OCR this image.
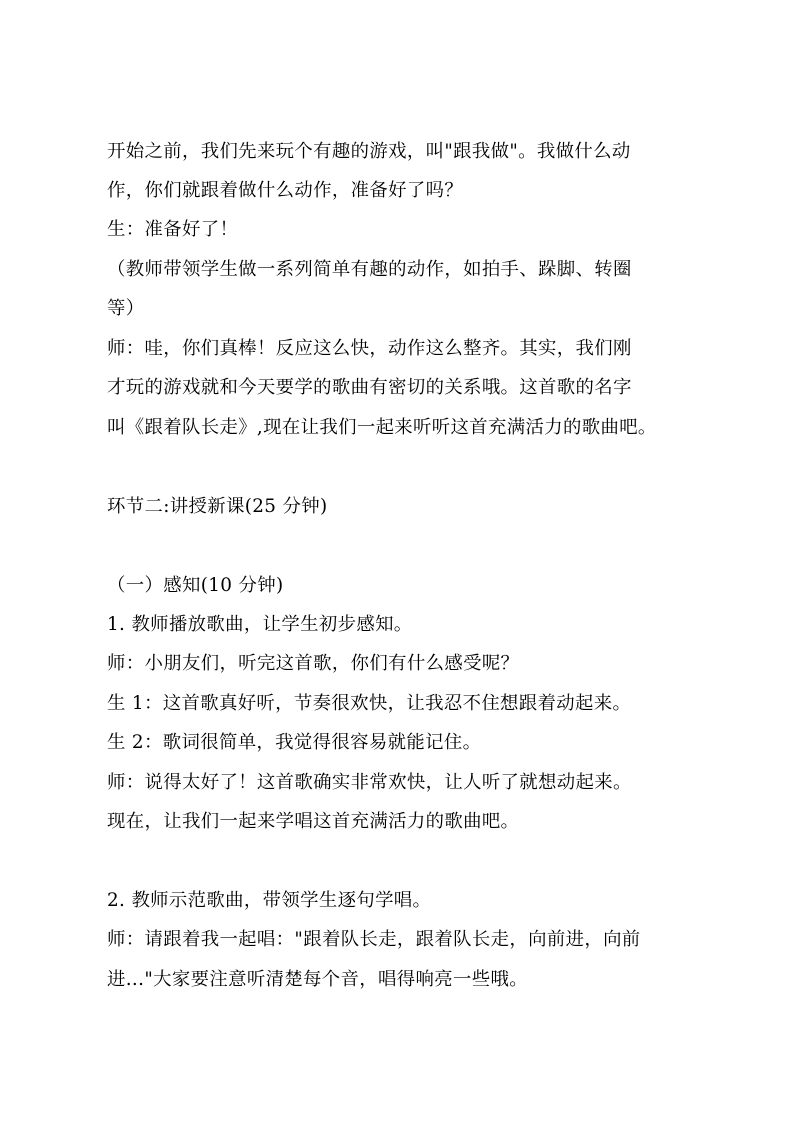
开始之前，我们先来玩个有趣的游戏，叫"跟我做"。我做什么动
作，你们就跟着做什么动作，准备好了吗？
生：准备好了！
（教师带领学生做一系列简单有趣的动作，如拍手、跺脚、转圈
等）
师：哇，你们真棒！反应这么快，动作这么整齐。其实，我们刚
才玩的游戏就和今天要学的歌曲有密切的关系哦。这首歌的名字
叫《跟着队长走》,现在让我们一起来听听这首充满活力的歌曲吧。
环节二:讲授新课(25 分钟)
（一）感知(10 分钟)
1. 教师播放歌曲，让学生初步感知。
师：小朋友们，听完这首歌，你们有什么感受呢？
生 1：这首歌真好听，节奏很欢快，让我忍不住想跟着动起来。
生 2：歌词很简单，我觉得很容易就能记住。
师：说得太好了！这首歌确实非常欢快，让人听了就想动起来。
现在，让我们一起来学唱这首充满活力的歌曲吧。
2. 教师示范歌曲，带领学生逐句学唱。
师：请跟着我一起唱："跟着队长走，跟着队长走，向前进，向前
进..."大家要注意听清楚每个音，唱得响亮一些哦。
